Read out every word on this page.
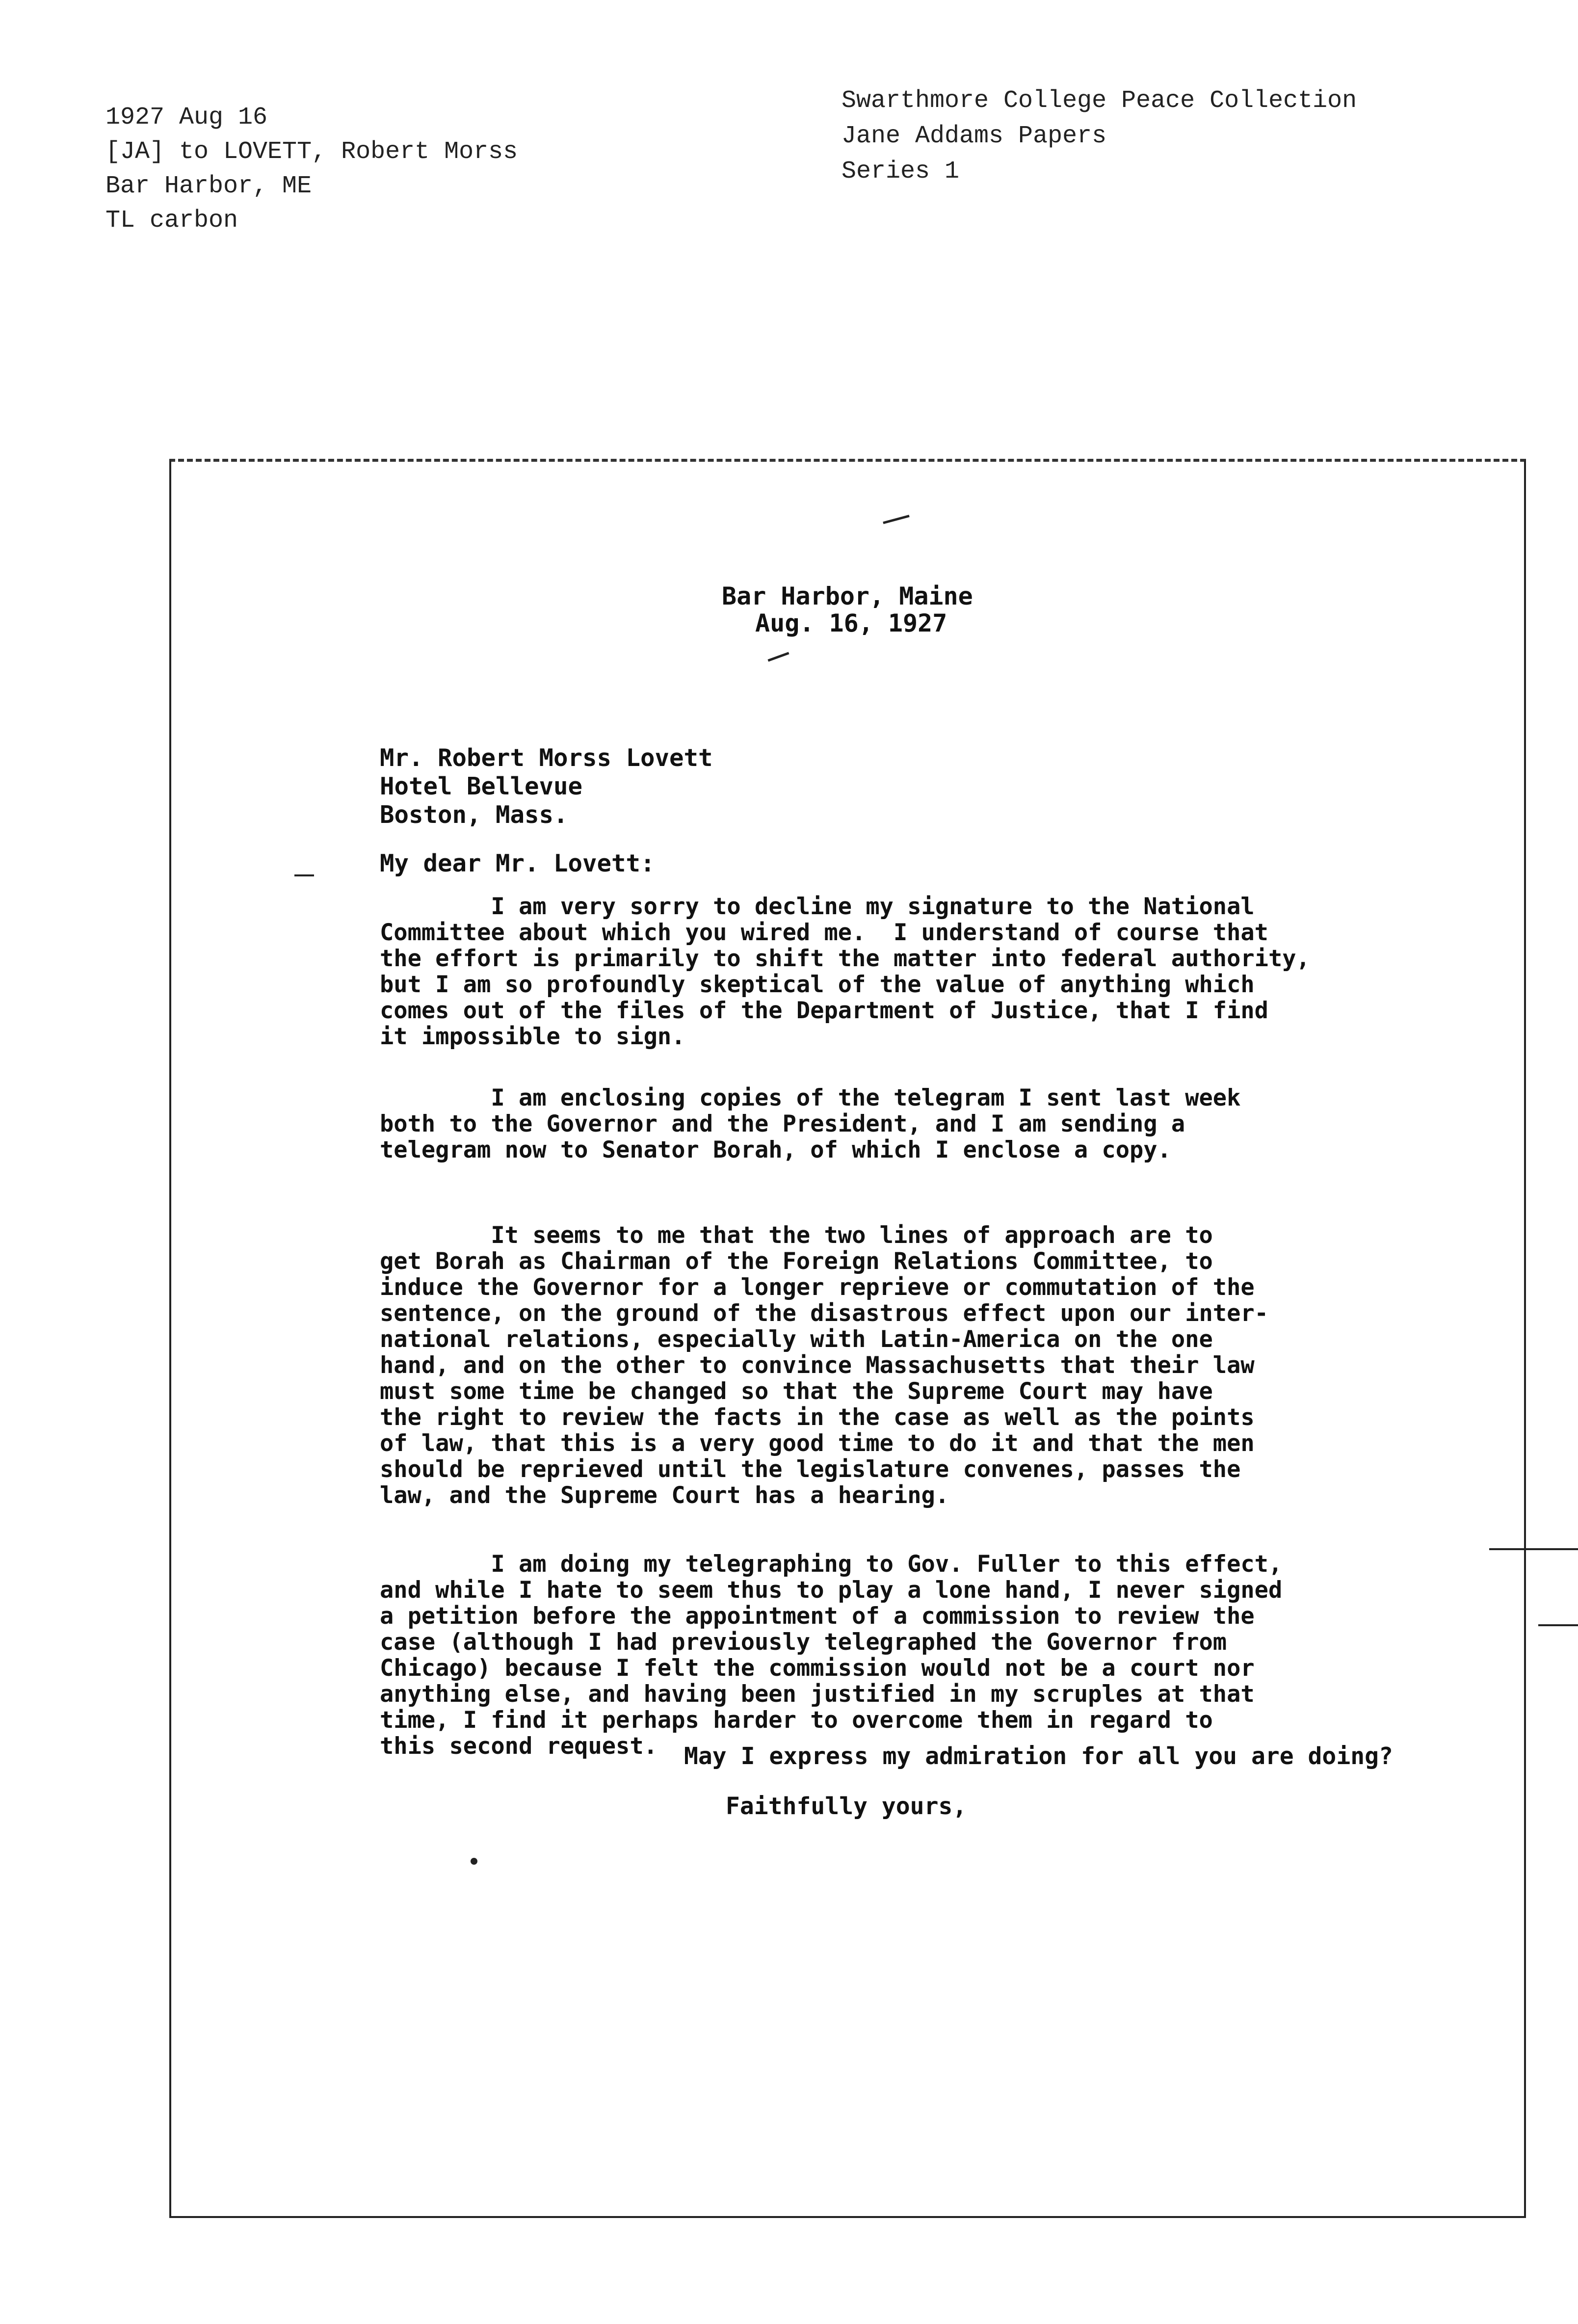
1927 Aug 16
[JA] to LOVETT, Robert Morss
Bar Harbor, ME
TL carbon
Swarthmore College Peace Collection
Jane Addams Papers
Series 1
Bar Harbor, Maine
Aug. 16, 1927
Mr. Robert Morss Lovett
Hotel Bellevue
Boston, Mass.
My dear Mr. Lovett:
I am very sorry to decline my signature to the National
Committee about which you wired me.  I understand of course that
the effort is primarily to shift the matter into federal authority,
but I am so profoundly skeptical of the value of anything which
comes out of the files of the Department of Justice, that I find
it impossible to sign.
I am enclosing copies of the telegram I sent last week
both to the Governor and the President, and I am sending a
telegram now to Senator Borah, of which I enclose a copy.
It seems to me that the two lines of approach are to
get Borah as Chairman of the Foreign Relations Committee, to
induce the Governor for a longer reprieve or commutation of the
sentence, on the ground of the disastrous effect upon our inter-
national relations, especially with Latin-America on the one
hand, and on the other to convince Massachusetts that their law
must some time be changed so that the Supreme Court may have
the right to review the facts in the case as well as the points
of law, that this is a very good time to do it and that the men
should be reprieved until the legislature convenes, passes the
law, and the Supreme Court has a hearing.
I am doing my telegraphing to Gov. Fuller to this effect,
and while I hate to seem thus to play a lone hand, I never signed
a petition before the appointment of a commission to review the
case (although I had previously telegraphed the Governor from
Chicago) because I felt the commission would not be a court nor
anything else, and having been justified in my scruples at that
time, I find it perhaps harder to overcome them in regard to
this second request.	May I express my admiration for all you are doing?
Faithfully yours,
